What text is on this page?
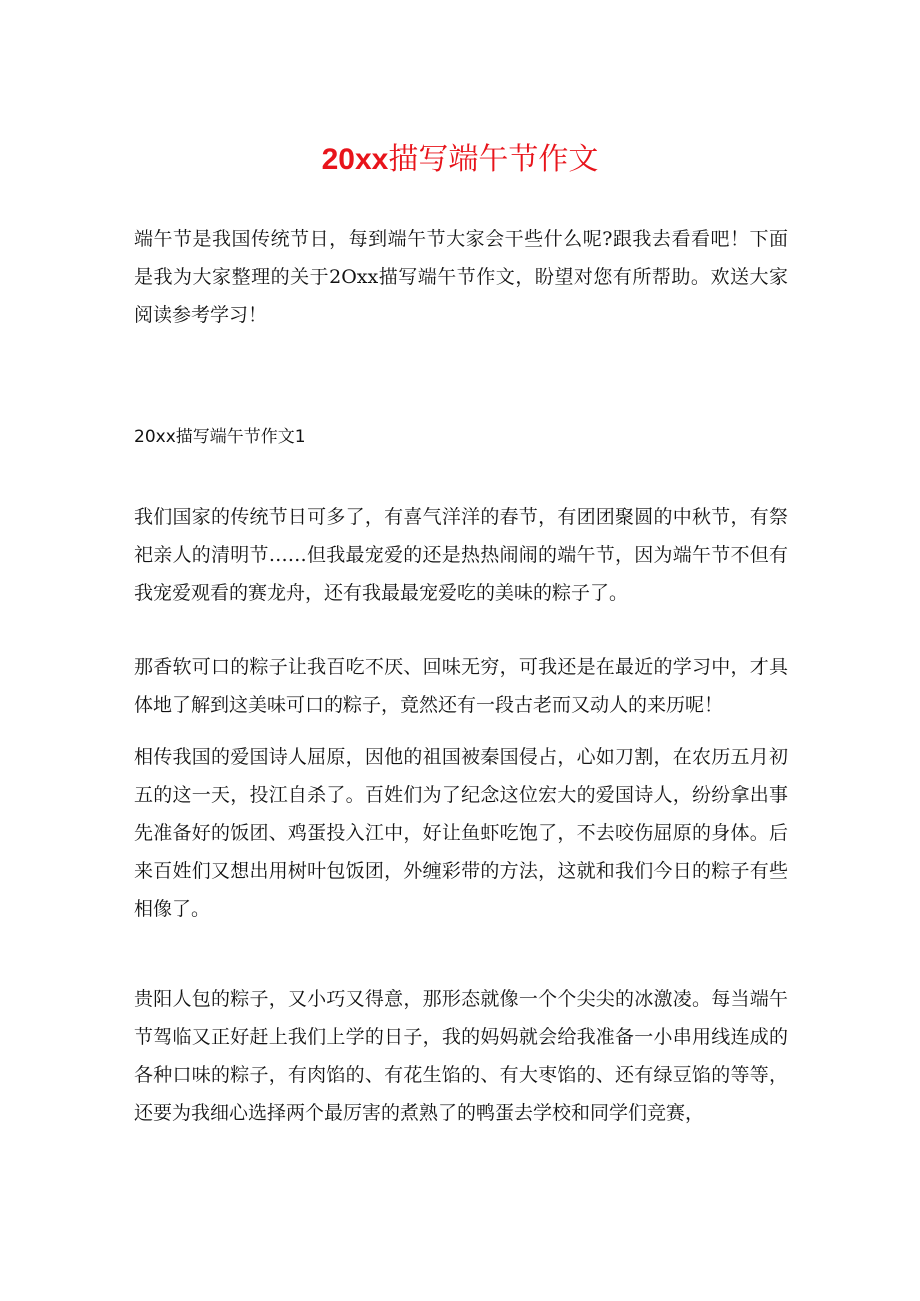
20xx描写端午节作文

端午节是我国传统节日，每到端午节大家会干些什么呢?跟我去看看吧！下面是我为大家整理的关于2Oxx描写端午节作文，盼望对您有所帮助。欢送大家阅读参考学习！

20xx描写端午节作文1

我们国家的传统节日可多了，有喜气洋洋的春节，有团团聚圆的中秋节，有祭祀亲人的清明节……但我最宠爱的还是热热闹闹的端午节，因为端午节不但有我宠爱观看的赛龙舟，还有我最最宠爱吃的美味的粽子了。

那香软可口的粽子让我百吃不厌、回味无穷，可我还是在最近的学习中，才具体地了解到这美味可口的粽子，竟然还有一段古老而又动人的来历呢！

相传我国的爱国诗人屈原，因他的祖国被秦国侵占，心如刀割，在农历五月初五的这一天，投江自杀了。百姓们为了纪念这位宏大的爱国诗人，纷纷拿出事先准备好的饭团、鸡蛋投入江中，好让鱼虾吃饱了，不去咬伤屈原的身体。后来百姓们又想出用树叶包饭团，外缠彩带的方法，这就和我们今日的粽子有些相像了。

贵阳人包的粽子，又小巧又得意，那形态就像一个个尖尖的冰激凌。每当端午节驾临又正好赶上我们上学的日子，我的妈妈就会给我准备一小串用线连成的各种口味的粽子，有肉馅的、有花生馅的、有大枣馅的、还有绿豆馅的等等，还要为我细心选择两个最厉害的煮熟了的鸭蛋去学校和同学们竞赛，
